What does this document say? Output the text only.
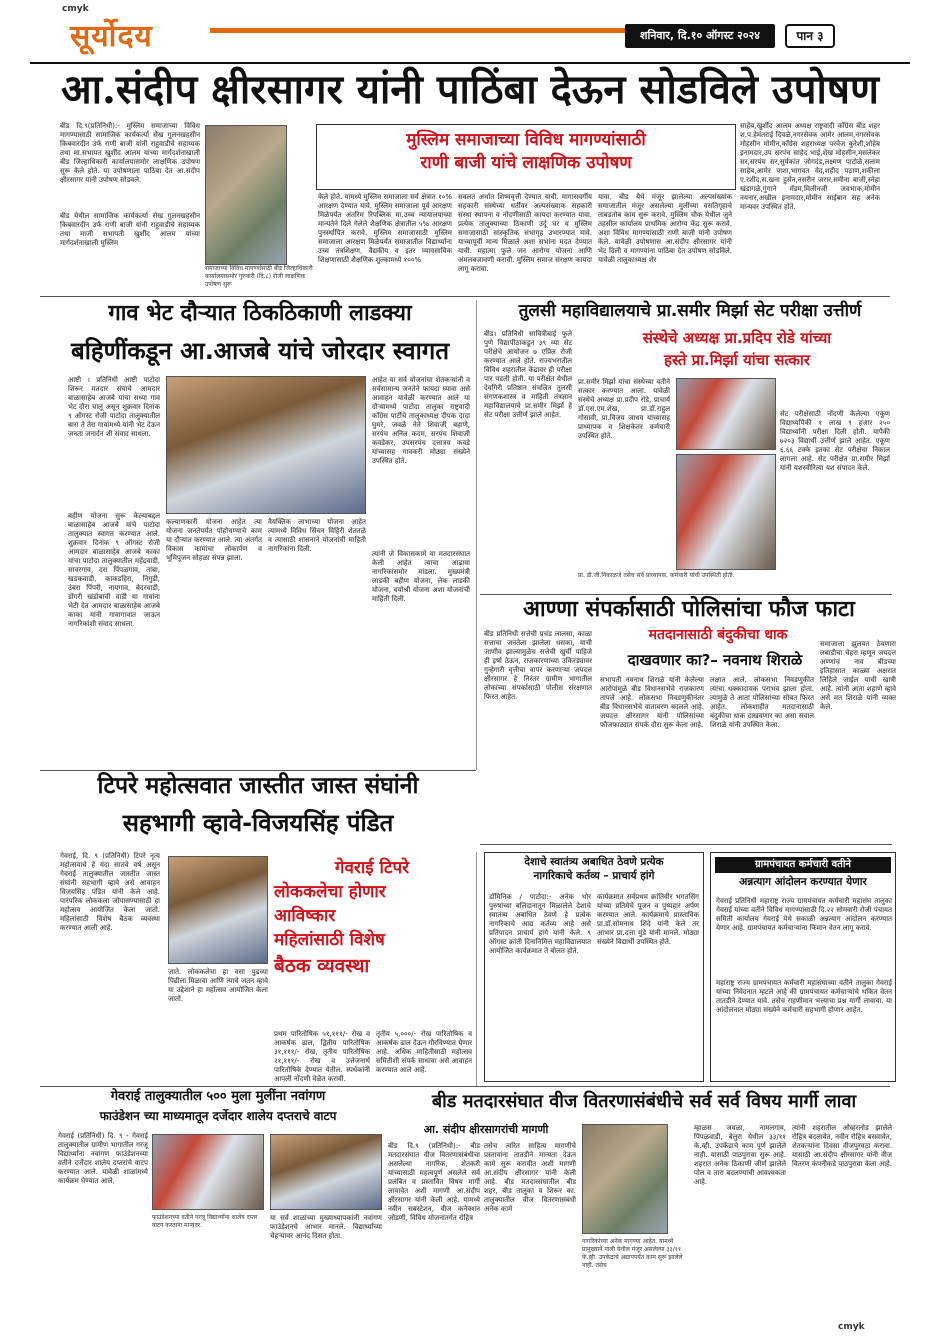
cmyk
सूर्योदय	शनिवार, दि.१० ऑगस्ट २०२४	पान ३
आ.संदीप क्षीरसागर यांनी पाठिंबा देऊन सोडविले उपोषण
बीड दि.९(प्रतिनिधी):- मुस्लिम समाजाच्या विविध मागण्यासाठी सामाजिक कार्यकर्त्या सेख गुलनखहसीन कि़बवारदीन उर्फ राणी बाजी यांनी राहुवाडीचे सहाय्यक तथा मा.सभापत खुर्शीद आलम यांच्या मार्गदर्शनाखाली बीड जिल्हाधिकारी कार्यालयासमोर लाक्षणिक उपोषण सुरू केले होते. या उपोषणाला पाठिंबा देत आ.संदीप क्षीरसागर यांनी उपोषण सोडवले.
बीड येथील सामाजिक कार्यकर्त्या सेख गुलनखहसीन कि़बवारदीन उर्फ राणी बाजी यांनी राहुवाडीचे सहाय्यक तथा माजी सभापती खुर्शीद आलम यांच्या मार्गदर्शनाखाली मुस्लिम
समाजाच्या विविध मागण्यांसाठी बीड जिल्हाधिकारी कार्यालयासमोर गुरुवारी (दि.८) रोजी लाक्षणिक उपोषण सुरू
मुस्लिम समाजाच्या विविध मागण्यांसाठी
राणी बाजी यांचे लाक्षणिक उपोषण
केले होते. यामध्ये मुस्लिम समाजाला सर्व क्षेत्रात १०% आरक्षण देण्यात यावे. मुस्लिम समाजाला पूर्व आरक्षण मिळेपर्यंत अंतरिम रिपब्लिक मा.उच्च न्यायालयाच्या मान्यतेने दिले गेलेले शैक्षणिक क्षेत्रातील ५% आरक्षण पुनर्स्थापित करावे. मुस्लिम समाजासाठी मुस्लिम समाजाला आरक्षण मिळेपर्यंत समाजातील विद्यार्थ्यांना उच्च तंत्रशिक्षण, वैद्यकीय व इतर व्यावसायिक शिक्षणासाठी शैक्षणिक शुल्कामध्ये १००%
सवलत अर्थात शिष्यवृत्ती देण्यात यावी. मागासवर्गीय सहकारी संस्थेच्या धर्तीवर अल्पसंख्याक सहकारी संस्था स्थापना व नोंदणीसाठी कायदा करण्यात यावा. प्रत्येक तालुक्याच्या ठिकाणी उर्दू घर व मुस्लिम समाजासाठी सांस्कृतिक सभागृह उभारण्यात यावे. याच्यापूर्वी मान्य मिळाले अशा सभांना मदत देण्यात यावी. महात्मा फुले जन आरोग्य योजना आणि अंमलबजावणी करावी. मुस्लिम समाज संरक्षण कायदा लागू करावा.
यावा. बीड येथे मंजूर झालेल्या अल्पसंख्यांक समाजातील मंजूर असलेल्या मुलींच्या वसतिगृहाचे ताबडतोब काम सुरू करावे. मुस्लिम चौक येथील जुने तहसील कार्यालय प्राथमिक आरोग्य केंद्र सुरू करावे. अशा विविध मागण्यांसाठी राणी बाजी यांनी उपोषण केले. यावेळी उपोषणास आ.संदीप क्षीरसागर यांनी भेट दिली व मागण्यांना पाठिंबा देत उपोषण सोडविले. यावेळी तालुकाध्यक्ष शेर
साहेब,खुर्शीद आलम अध्यक्ष राष्ट्रवादी काँग्रेस बीड शहर श.प.हेमंतराई दिवळे,नगरसेवक आमेर आलम,नगरसेवक मोहसीन मोमीन,काँग्रेस शहराध्यक्ष परवेज कुरेशी,शोहेब इनामदार,उप सरपंच साहेद भाई,शेख मोहसीन,मसलेकर सर,सरपंच सर,सुर्यकांत जोगदंड,लक्ष्मण पाटोळे,सलाम साहेब,आमेर पाशा,भागवत वेद,शहीद पठाण,शकीला ए.रशीद,स.खना हुसेन,नसरीन जरार,समीना बाजी,स्नेहा खंडागळे,गुंगाने मॅडम,मिलीनजी जवभाक,मोमीन नयनार,अखील इनामदार,मोमीन साईबान सह अनेक मान्यवर उपस्थित होते.
गाव भेट दौऱ्यात ठिकठिकाणी लाडक्या
बहिणींकडून आ.आजबे यांचे जोरदार स्वागत
आष्टी । प्रतिनिधी आष्टी पाटोदा शिरूर मतदार संघाचे आमदार बाळासाहेब आजबे यांचा सध्या गाव भेट दौरा चालू असून शुक्रवार दिनांक ९ ऑगस्ट रोजी पाटोदा तालुक्यातील बारा ते तेरा गावांमध्ये यांनी भेट देऊन जनता जनार्दन शी संवाद साधला.
बहीण योजना सुरू केल्याबद्दल बाळासाहेब आजबे यांचे पाटोदा तालुक्यात स्वागत करण्यात आले. शुक्रवार दिनांक ९ ऑगस्ट रोजी आमदार बाळासाहेब आजबे काका यांचा पाटोदा तालुक्यातील महेंद्रवाडी, सावरगाव, दरा पिंपळगाव, तांबा, खडकवाडी, काकडहिरा, निगुडी, उंबरा पिंपरी, नायगाव, बेदरवाडी, डोंगरी खंडोबाची वाडी या गावांना भेटी देत आमदार बाळासाहेब आजबे काका यांनी गावागावात जाऊन नागरिकांशी संवाद साधला.
आहेत या सर्व योजनांचा शेतकऱ्यांनी व सर्वसामान्य जनतेने फायदा घ्यावा असे आवाहन यावेळी करण्यात आले या दौऱ्यामध्ये पाटोदा तालुका राष्ट्रवादी काँग्रेस पार्टीचे तालुकाध्यक्ष दीपक दादा घुमरे, जवळे नेते शिवाजी बहाणे, सरपंच अनिल कदम, सरपंच शिवाजी कवडेकर, उपसरपंच दत्तात्रय कवडे यांच्यासह गावकरी मोठ्या संख्येने उपस्थित होते.
कल्याणकारी योजना आहेत त्या योजना जनतेपर्यंत पोहोचण्याचे काम या दौऱ्यात करण्यात आले. त्या अंतर्गत विकास कामांचा लोकार्पण व भूमिपूजन सोहळा संपन्न झाला.
वैयक्तिक लाभाच्या योजना आहेत त्यामध्ये विविध सिंचन विहिरी शेततळे व त्यासाठी शासनाने योजनांची माहिती नागरिकांना दिली.
त्यांनी जे विकासकामे या मतदारसंघात केली आहेत त्याचा आढावा नागरिकांसमोर मांडला. मुख्यमंत्री लाडकी बहीण योजना, लेक लाडकी योजना, वयोश्री योजना अशा योजनांची माहिती दिली.
तुलसी महाविद्यालयाचे प्रा.समीर मिर्झा सेट परीक्षा उत्तीर्ण
बीड। प्रतिनिधी सावित्रीबाई फुले पुणे विद्यापीठाकडून ३९ व्या सेट परीक्षेचे आयोजन ७ एप्रिल रोजी करण्यात आले होते. राज्यभरातील विविध शहरातील केंद्रावर ही परीक्षा पार पडली होती. या परीक्षेत येथील देवगिरी प्रतिष्ठान संचलित तुलसी संगणकशास्त्र व माहिती तंत्रज्ञान महाविद्यालयाचे प्रा.समीर मिर्झा हे सेट परीक्षा उत्तीर्ण झाले आहेत.
संस्थेचे अध्यक्ष प्रा.प्रदिप रोडे यांच्या
हस्ते प्रा.मिर्झा यांचा सत्कार
प्रा.समीर मिर्झा यांचा संस्थेच्या वतीने सत्कार करण्यात आला. यावेळी संस्थेचे अध्यक्ष प्रा.प्रदीप रोडे, प्राचार्य डॉ.एस.एम.शेख, प्रा.डॉ.राहुल गोसावी, प्रा.विजय जाधव यांच्यासह प्राध्यापक व शिक्षकेतर कर्मचारी उपस्थित होते.
सेट परीक्षेसाठी नोंदणी केलेल्या एकूण विद्यार्थ्यांपैकी १ लाख ९ हजार २५० विद्यार्थ्यांनी परीक्षा दिली होती. यापैकी ७२०३ विद्यार्थी उत्तीर्ण झाले आहेत. एकूण ६.६६ टक्के इतका सेट परीक्षेचा निकाल लागला आहे. सेट परीक्षेत प्रा.समीर मिर्झा यांनी यशस्वीरित्या यश संपादन केले.
प्रा. डी.जी.निकाळजे तसेच सर्व प्राध्यापक, कर्मचारी यांची उपस्थिती होती.
आण्णा संपर्कासाठी पोलिसांचा फौज फाटा
बीड प्रतिनिधी सत्तेची प्रचंड लालसा, काळा सत्ताचा जनतेला झालेला धसका, याची जाणीव झाल्यामुळेच सत्तेची खुर्ची पाहिजे ही इर्षा ठेऊन, राजकारणाच्या उकिरड्यावर गुन्हेगारी वृत्तीचा वापर करणाऱ्या जयदत्त क्षीरसागर हे निरंतर ग्रामीण भागातील लोकांच्या संपर्कासाठी पोलीस संरक्षणात फिरत आहेत.
मतदानासाठी बंदुकीचा धाक
दाखवणार का?– नवनाथ शिराळे
सभापती नवनाथ शिराळे यांनी केलेल्या आरोपांमुळे बीड विधानसभेचे राजकारण तापले आहे. लोकसभा निवडणुकीनंतर बीड विधानसभेचे वातावरण बदलले आहे. जयदत्त क्षीरसागर यांनी पोलिसांच्या फौजफाट्यात संपर्क दौरा सुरू केला आहे.
लक्षात आले. लोकसभा निवडणुकीत त्यांचा धक्कादायक पराभव झाला होता. त्यामुळे ते आता पोलिसांच्या सोबत फिरत आहेत. लोकशाहीत मतदानासाठी बंदुकीचा धाक दाखवणार का असा सवाल शिराळे यांनी उपस्थित केला.
समाजाला झुलवत ठेवणारा लबाडीचा चेहरा म्हणून जयदत्त अण्णांचं नाव बीडच्या इतिहासात काळ्या अक्षरात लिहिले जाईल याची खात्री आहे. त्यांनी आता शहाणे व्हावे असे मत शिराळे यांनी व्यक्त केले.
टिपरे महोत्सवात जास्तीत जास्त संघांनी
सहभागी व्हावे-विजयसिंह पंडित
गेवराई, दि. ९ (प्रतिनिधी) टिपरे नृत्य महोत्सवाचे हे यंदा सातवे वर्ष असून गेवराई तालुक्यातील जास्तीत जास्त संघांनी सहभागी व्हावे असे आवाहन विजयसिंह पंडित यांनी केले आहे. पारंपरिक लोककला जोपासण्यासाठी हा महोत्सव आयोजित केला जातो. महिलांसाठी विशेष बैठक व्यवस्था करण्यात आली आहे.
गेवराई टिपरे
लोककलेचा होणार
आविष्कार
महिलांसाठी विशेष
बैठक व्यवस्था
जाते. लोककलेचा हा वसा पुढच्या पिढीला मिळावा आणि त्याचे जतन व्हावे या उद्देशाने हा महोत्सव आयोजित केला जातो.
प्रथम पारितोषिक ५१,१११/- रोख व आकर्षक ढाल, द्वितीय पारितोषिक ३१,१११/- रोख, तृतीय पारितोषिक २१,१११/- रोख व उत्तेजनार्थ पारितोषिके देण्यात येतील. स्पर्धकांनी आपली नोंदणी वेळेत करावी.
तृतीय ५,०००/- रोख पारितोषिक व आकर्षक ढाल देऊन गौरविण्यात येणार आहे. अधिक माहितीसाठी महोत्सव समितीशी संपर्क साधावा असे आवाहन करण्यात आले आहे.
देशाचे स्वातंत्र्य अबाधित ठेवणे प्रत्येक
नागरिकाचे कर्तव्य – प्राचार्य हांगे
डॉमिनिक / पाटोदा:- अनेक थोर पुरुषांच्या बलिदानातून मिळालेले देशाचे स्वातंत्र्य अबाधित ठेवणे हे प्रत्येक नागरिकाचे आद्य कर्तव्य आहे असे प्रतिपादन प्राचार्य हांगे यांनी केले. ९ ऑगस्ट क्रांती दिनानिमित्त महाविद्यालयात आयोजित कार्यक्रमात ते बोलत होते.
कार्यक्रमात सर्वप्रथम क्रांतिवीर भगतसिंग यांच्या प्रतिमेचे पूजन व पुष्पहार अर्पण करण्यात आले. कार्यक्रमाचे प्रास्ताविक प्रा.डॉ.सोमनाथ शिंदे यांनी केले तर आभार प्रा.दत्ता मुंडे यांनी मानले. मोठ्या संख्येने विद्यार्थी उपस्थित होते.
ग्रामपंचायत कर्मचारी वतीने
अन्नत्याग आंदोलन करण्यात येणार
गेवराई प्रतिनिधी महाराष्ट्र राज्य ग्रामपंचायत कर्मचारी महासंघ तालुका गेवराई यांच्या वतीने विविध मागण्यांसाठी दि.२२ सोमवारी रोजी पंचायत समिती कार्यालय गेवराई येथे सकाळी अन्नत्याग आंदोलन करण्यात येणार आहे. ग्रामपंचायत कर्मचाऱ्यांना किमान वेतन लागू करावे.
महाराष्ट्र राज्य ग्रामपंचायत कर्मचारी महासंघाच्या वतीने तालुका गेवराई यांच्या निवेदनात म्हटले आहे की ग्रामपंचायत कर्मचाऱ्यांचे थकित वेतन तातडीने देण्यात यावे. तसेच राहणीमान भत्त्याचा प्रश्न मार्गी लावावा. या आंदोलनात मोठ्या संख्येने कर्मचारी सहभागी होणार आहेत.
गेवराई तालुक्यातील ५०० मुला मुलींना नवांगण
फाउंडेशन च्या माध्यमातून दर्जेदार शालेय दप्तराचे वाटप
गेवराई (प्रतिनिधी) दि. ९ - गेवराई तालुक्यातील ग्रामीण भागातील गरजू विद्यार्थ्यांना नवांगण फाउंडेशनच्या वतीने दर्जेदार शालेय दप्तरांचे वाटप करण्यात आले. यावेळी शाळांमध्ये कार्यक्रम घेण्यात आले.
फाउंडेशनच्या वतीने गरजू विद्यार्थ्यांना शालेय दप्तर वाटप करताना मान्यवर.
या सर्व शाळांच्या मुख्याध्यापकांनी नवांगण फाउंडेशनचे आभार मानले. विद्यार्थ्यांच्या चेहऱ्यावर आनंद दिसत होता.
बीड मतदारसंघात वीज वितरणासंबंधीचे सर्व सर्व विषय मार्गी लावा
आ. संदीप क्षीरसागरांची मागणी
बीड दि.९ (प्रतिनिधी):- बीड मतदारसंघात वीज वितरणासंबंधीचा असलेल्या नागरिक, शेतकरी यांच्यासाठी महत्वपूर्ण असलेले सर्व प्रलंबित व प्रस्तावित विषय मार्गी लावावेत अशी मागणी आ.संदीप क्षीरसागर यांनी केली आहे. यामध्ये नवीन सबस्टेशन, वीज कनेक्शन जोडणी, विविध योजनांतर्गत रोहित्र
तसेच त्वरित साहित्य मागणीचे प्रस्तावांना तातडीने मान्यता देऊन कामे सुरू करावीत अशी मागणी आ.संदीप क्षीरसागर यांनी केली आहे. बीड मतदारसंघातील बीड शहर, बीड तालुका व शिरूर का. तालुक्यातील वीज वितरणासंबंधी अनेक कामे
नागरिकांच्या अनेक मागण्या आहेत. यामध्ये प्रामुख्याने पाली येथील मंजूर असलेल्या ३३/११ के.व्ही. उपकेंद्राचे अद्यापपर्यंत काम सुरू झालेले नाही. तसेच
म्हाळस जवळा, नामलगाव, पिंपळवाडी, बेलुरा येथील ३३/११ के.व्ही. उपकेंद्राचे काम पूर्ण झालेले नाही. यासाठी पाठपुरावा सुरू आहे. शहरात अनेक ठिकाणी जीर्ण झालेले पोल व तारा बदलण्याची आवश्यकता आहे.
त्यांनी शहरातील ओव्हरलोड झालेले रोहित्र बदलावेत, नवीन रोहित्र बसवावेत, शेतकऱ्यांना दिवसा वीजपुरवठा करावा. यासाठी आ.संदीप क्षीरसागर यांनी वीज वितरण कंपनीकडे पाठपुरावा केला आहे.
cmyk
